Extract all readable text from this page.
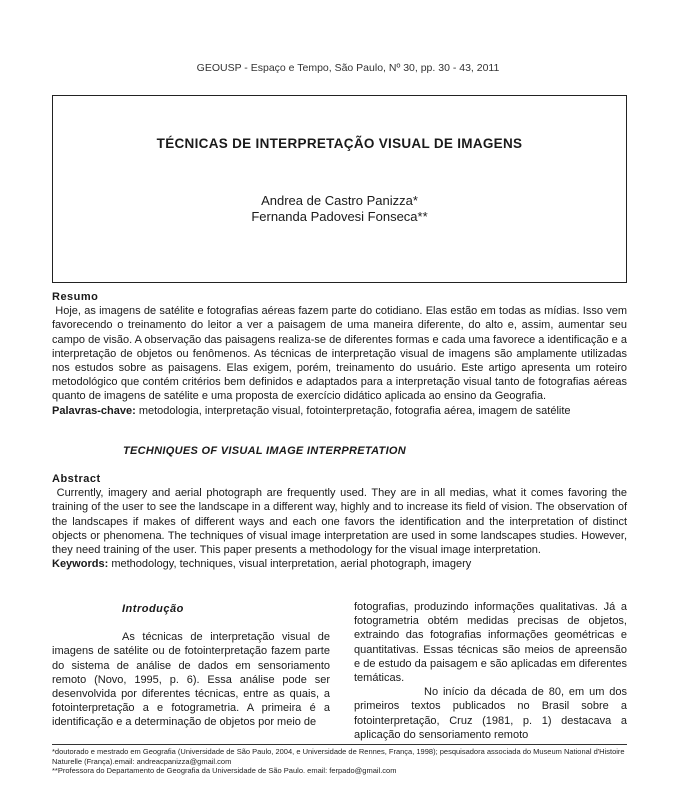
GEOUSP - Espaço e Tempo, São Paulo, Nº 30, pp. 30 - 43, 2011
TÉCNICAS DE INTERPRETAÇÃO VISUAL DE IMAGENS
Andrea de Castro Panizza*
Fernanda Padovesi Fonseca**
Resumo
Hoje, as imagens de satélite e fotografias aéreas fazem parte do cotidiano. Elas estão em todas as mídias. Isso vem favorecendo o treinamento do leitor a ver a paisagem de uma maneira diferente, do alto e, assim, aumentar seu campo de visão. A observação das paisagens realiza-se de diferentes formas e cada uma favorece a identificação e a interpretação de objetos ou fenômenos. As técnicas de interpretação visual de imagens são amplamente utilizadas nos estudos sobre as paisagens. Elas exigem, porém, treinamento do usuário. Este artigo apresenta um roteiro metodológico que contém critérios bem definidos e adaptados para a interpretação visual tanto de fotografias aéreas quanto de imagens de satélite e uma proposta de exercício didático aplicada ao ensino da Geografia.
Palavras-chave: metodologia, interpretação visual, fotointerpretação, fotografia aérea, imagem de satélite
TECHNIQUES OF VISUAL IMAGE INTERPRETATION
Abstract
Currently, imagery and aerial photograph are frequently used. They are in all medias, what it comes favoring the training of the user to see the landscape in a different way, highly and to increase its field of vision. The observation of the landscapes if makes of different ways and each one favors the identification and the interpretation of distinct objects or phenomena. The techniques of visual image interpretation are used in some landscapes studies. However, they need training of the user. This paper presents a methodology for the visual image interpretation.
Keywords: methodology, techniques, visual interpretation, aerial photograph, imagery
Introdução

As técnicas de interpretação visual de imagens de satélite ou de fotointerpretação fazem parte do sistema de análise de dados em sensoriamento remoto (Novo, 1995, p. 6). Essa análise pode ser desenvolvida por diferentes técnicas, entre as quais, a fotointerpretação a e fotogrametria. A primeira é a identificação e a determinação de objetos por meio de

fotografias, produzindo informações qualitativas. Já a fotogrametria obtém medidas precisas de objetos, extraindo das fotografias informações geométricas e quantitativas. Essas técnicas são meios de apreensão e de estudo da paisagem e são aplicadas em diferentes temáticas.

No início da década de 80, em um dos primeiros textos publicados no Brasil sobre a fotointerpretação, Cruz (1981, p. 1) destacava a aplicação do sensoriamento remoto

*doutorado e mestrado em Geografia (Universidade de São Paulo, 2004, e Universidade de Rennes, França, 1998); pesquisadora associada do Museum National d'Histoire Naturelle (França).email: andreacpanizza@gmail.com

**Professora do Departamento de Geografia da Universidade de São Paulo. email: ferpado@gmail.com
